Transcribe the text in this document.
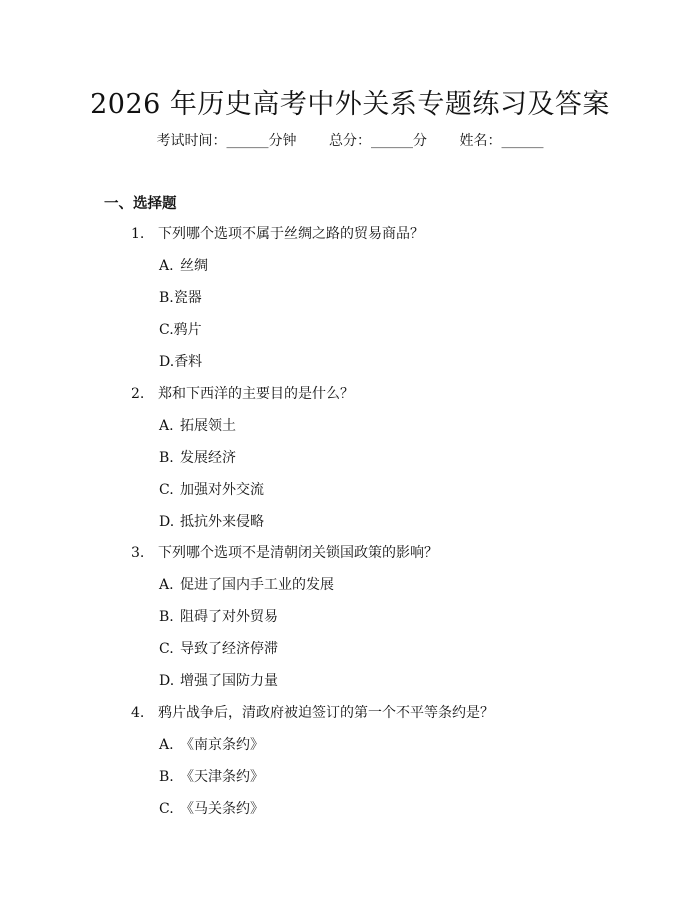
2026 年历史高考中外关系专题练习及答案
考试时间：______分钟 总分：______分 姓名：______
一、选择题
1. 下列哪个选项不属于丝绸之路的贸易商品？
A. 丝绸
B.瓷器
C.鸦片
D.香料
2. 郑和下西洋的主要目的是什么？
A. 拓展领土
B. 发展经济
C. 加强对外交流
D. 抵抗外来侵略
3. 下列哪个选项不是清朝闭关锁国政策的影响？
A. 促进了国内手工业的发展
B. 阻碍了对外贸易
C. 导致了经济停滞
D. 增强了国防力量
4. 鸦片战争后，清政府被迫签订的第一个不平等条约是？
A. 《南京条约》
B. 《天津条约》
C. 《马关条约》
